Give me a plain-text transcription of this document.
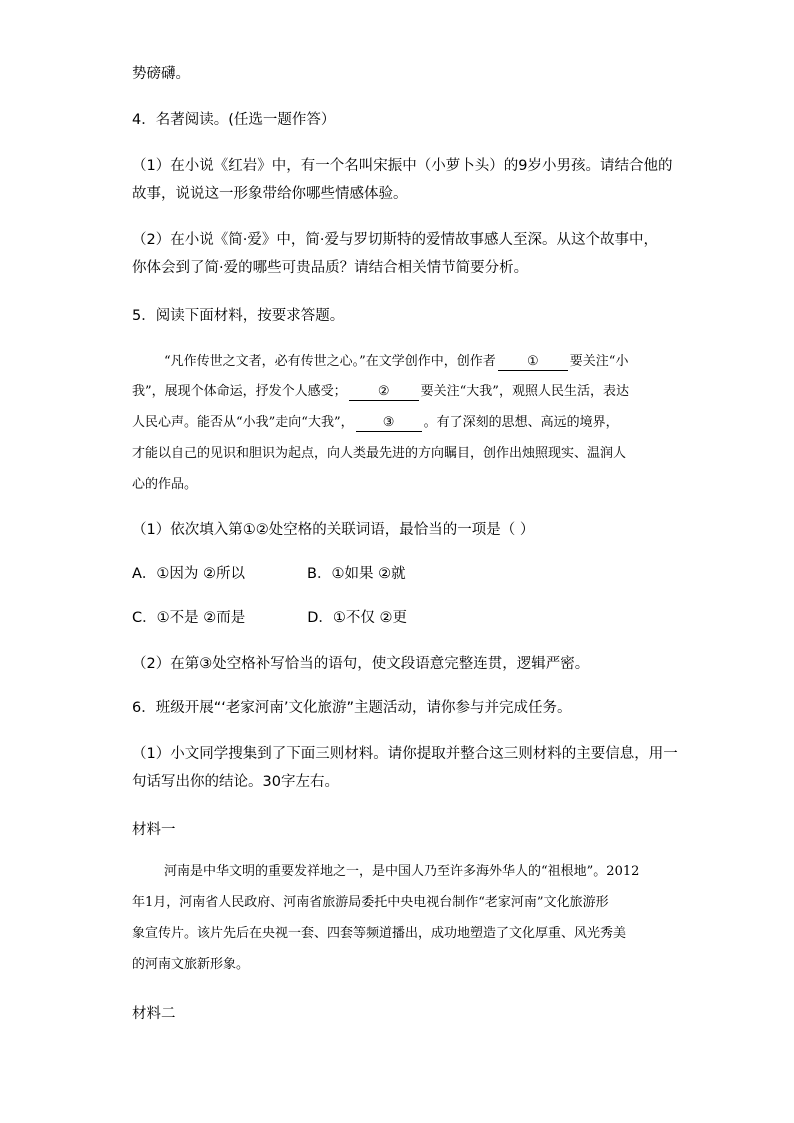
势磅礴。
4．名著阅读。(任选一题作答）
（1）在小说《红岩》中，有一个名叫宋振中（小萝卜头）的9岁小男孩。请结合他的
故事，说说这一形象带给你哪些情感体验。
（2）在小说《简·爱》中，简·爱与罗切斯特的爱情故事感人至深。从这个故事中，
你体会到了简·爱的哪些可贵品质？请结合相关情节简要分析。
5．阅读下面材料，按要求答题。
“凡作传世之文者，必有传世之心。”在文学创作中，创作者 ① 要关注“小
我”，展现个体命运，抒发个人感受； ② 要关注“大我”，观照人民生活，表达
人民心声。能否从“小我”走向“大我”， ③ 。有了深刻的思想、高远的境界，
才能以自己的见识和胆识为起点，向人类最先进的方向瞩目，创作出烛照现实、温润人
心的作品。
（1）依次填入第①②处空格的关联词语，最恰当的一项是（ ）
A．①因为 ②所以	B．①如果 ②就
C．①不是 ②而是	D．①不仅 ②更
（2）在第③处空格补写恰当的语句，使文段语意完整连贯，逻辑严密。
6．班级开展“‘老家河南’文化旅游”主题活动，请你参与并完成任务。
（1）小文同学搜集到了下面三则材料。请你提取并整合这三则材料的主要信息，用一
句话写出你的结论。30字左右。
材料一
河南是中华文明的重要发祥地之一，是中国人乃至许多海外华人的“祖根地”。2012
年1月，河南省人民政府、河南省旅游局委托中央电视台制作“老家河南”文化旅游形
象宣传片。该片先后在央视一套、四套等频道播出，成功地塑造了文化厚重、风光秀美
的河南文旅新形象。
材料二
